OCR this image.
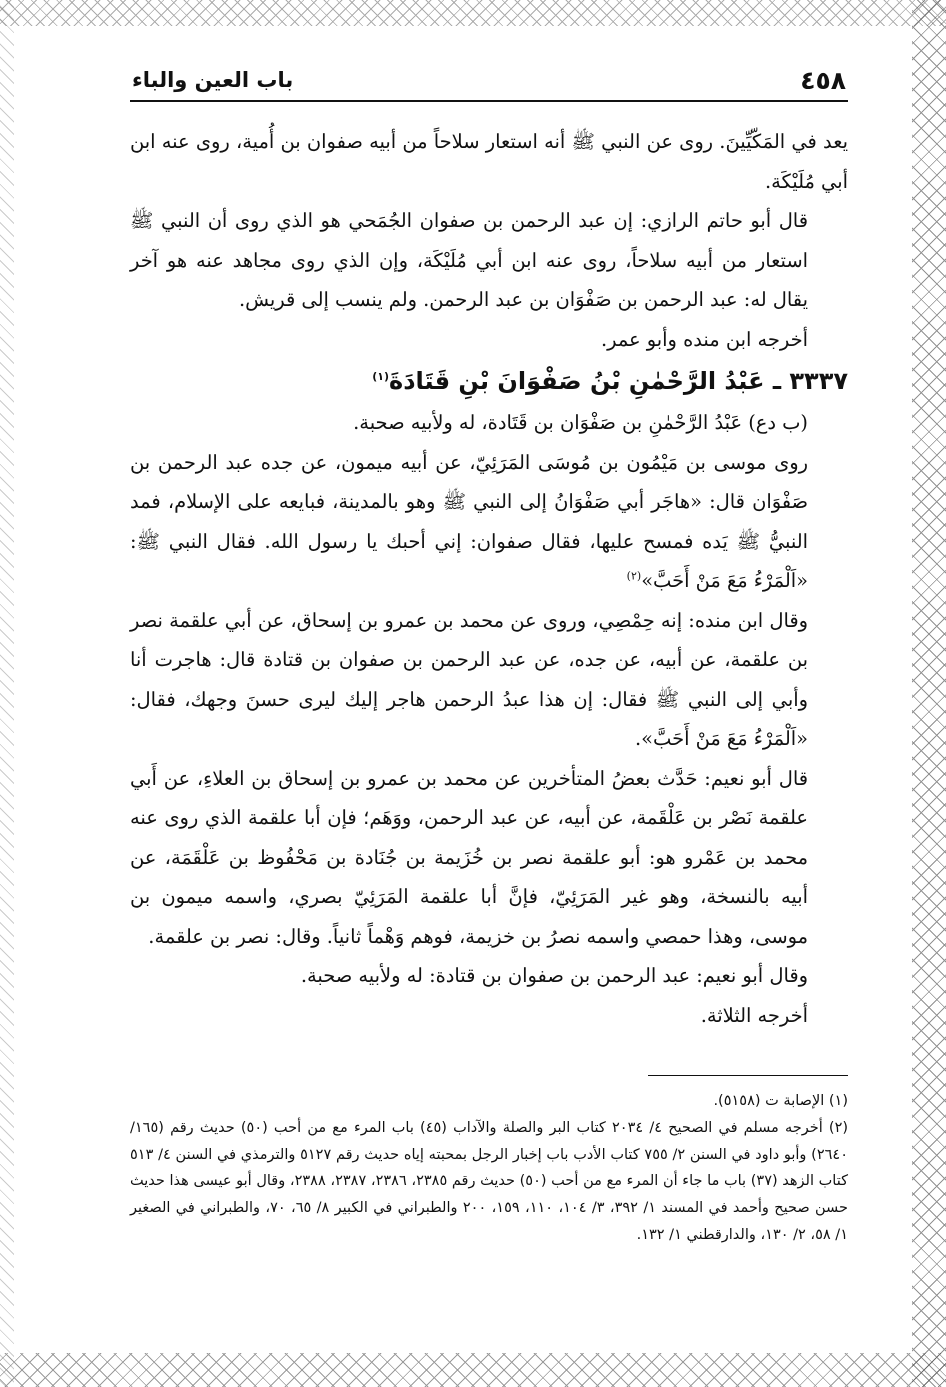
٤٥٨
باب العين والباء

يعد في المَكّيِّينَ. روى عن النبي ﷺ أنه استعار سلاحاً من أبيه صفوان بن أُمية، روى عنه ابن أبي مُلَيْكَة.

قال أبو حاتم الرازي: إن عبد الرحمن بن صفوان الجُمَحي هو الذي روى أن النبي ﷺ استعار من أبيه سلاحاً، روى عنه ابن أبي مُلَيْكَة، وإن الذي روى مجاهد عنه هو آخر يقال له: عبد الرحمن بن صَفْوَان بن عبد الرحمن. ولم ينسب إلى قريش.

أخرجه ابن منده وأبو عمر.

٣٣٣٧ ـ عَبْدُ الرَّحْمٰنِ بْنُ صَفْوَانَ بْنِ قَتَادَةَ$^{(١)}$

(ب دع) عَبْدُ الرَّحْمٰنِ بن صَفْوَان بن قَتَادة، له ولأبيه صحبة.

روى موسى بن مَيْمُون بن مُوسَى المَرَئِيّ، عن أبيه ميمون، عن جده عبد الرحمن بن صَفْوَان قال: «هاجَر أبي صَفْوَانُ إلى النبي ﷺ وهو بالمدينة، فبايعه على الإسلام، فمد النبيُّ ﷺ يَده فمسح عليها، فقال صفوان: إني أحبك يا رسول الله. فقال النبي ﷺ: «اَلْمَرْءُ مَعَ مَنْ أَحَبَّ»$^{(٢)}$

وقال ابن منده: إنه حِمْصِي، وروى عن محمد بن عمرو بن إسحاق، عن أبي علقمة نصر بن علقمة، عن أبيه، عن جده، عن عبد الرحمن بن صفوان بن قتادة قال: هاجرت أنا وأبي إلى النبي ﷺ فقال: إن هذا عبدُ الرحمن هاجر إليك ليرى حسنَ وجهك، فقال: «اَلْمَرْءُ مَعَ مَنْ أَحَبَّ».

قال أبو نعيم: حَدَّث بعضُ المتأخرين عن محمد بن عمرو بن إسحاق بن العلاءِ، عن أَبي علقمة نَصْر بن عَلْقَمة، عن أبيه، عن عبد الرحمن، ووَهَم؛ فإن أبا علقمة الذي روى عنه محمد بن عَمْرو هو: أبو علقمة نصر بن خُزَيمة بن جُنَادة بن مَحْفُوظ بن عَلْقَمَة، عن أبيه بالنسخة، وهو غير المَرَئِيّ، فإنَّ أبا علقمة المَرَئِيّ بصري، واسمه ميمون بن موسى، وهذا حمصي واسمه نصرُ بن خزيمة، فوهم وَهْماً ثانياً. وقال: نصر بن علقمة.

وقال أبو نعيم: عبد الرحمن بن صفوان بن قتادة: له ولأبيه صحبة.

أخرجه الثلاثة.

(١) الإصابة ت (٥١٥٨).

(٢) أخرجه مسلم في الصحيح ٤/ ٢٠٣٤ كتاب البر والصلة والآداب (٤٥) باب المرء مع من أحب (٥٠) حديث رقم (١٦٥/ ٢٦٤٠) وأبو داود في السنن ٢/ ٧٥٥ كتاب الأدب باب إخبار الرجل بمحبته إياه حديث رقم ٥١٢٧ والترمذي في السنن ٤/ ٥١٣ كتاب الزهد (٣٧) باب ما جاء أن المرء مع من أحب (٥٠) حديث رقم ٢٣٨٥، ٢٣٨٦، ٢٣٨٧، ٢٣٨٨، وقال أبو عيسى هذا حديث حسن صحيح وأحمد في المسند ١/ ٣٩٢، ٣/ ١٠٤، ١١٠، ١٥٩، ٢٠٠ والطبراني في الكبير ٨/ ٦٥، ٧٠، والطبراني في الصغير ١/ ٥٨، ٢/ ١٣٠، والدارقطني ١/ ١٣٢.
